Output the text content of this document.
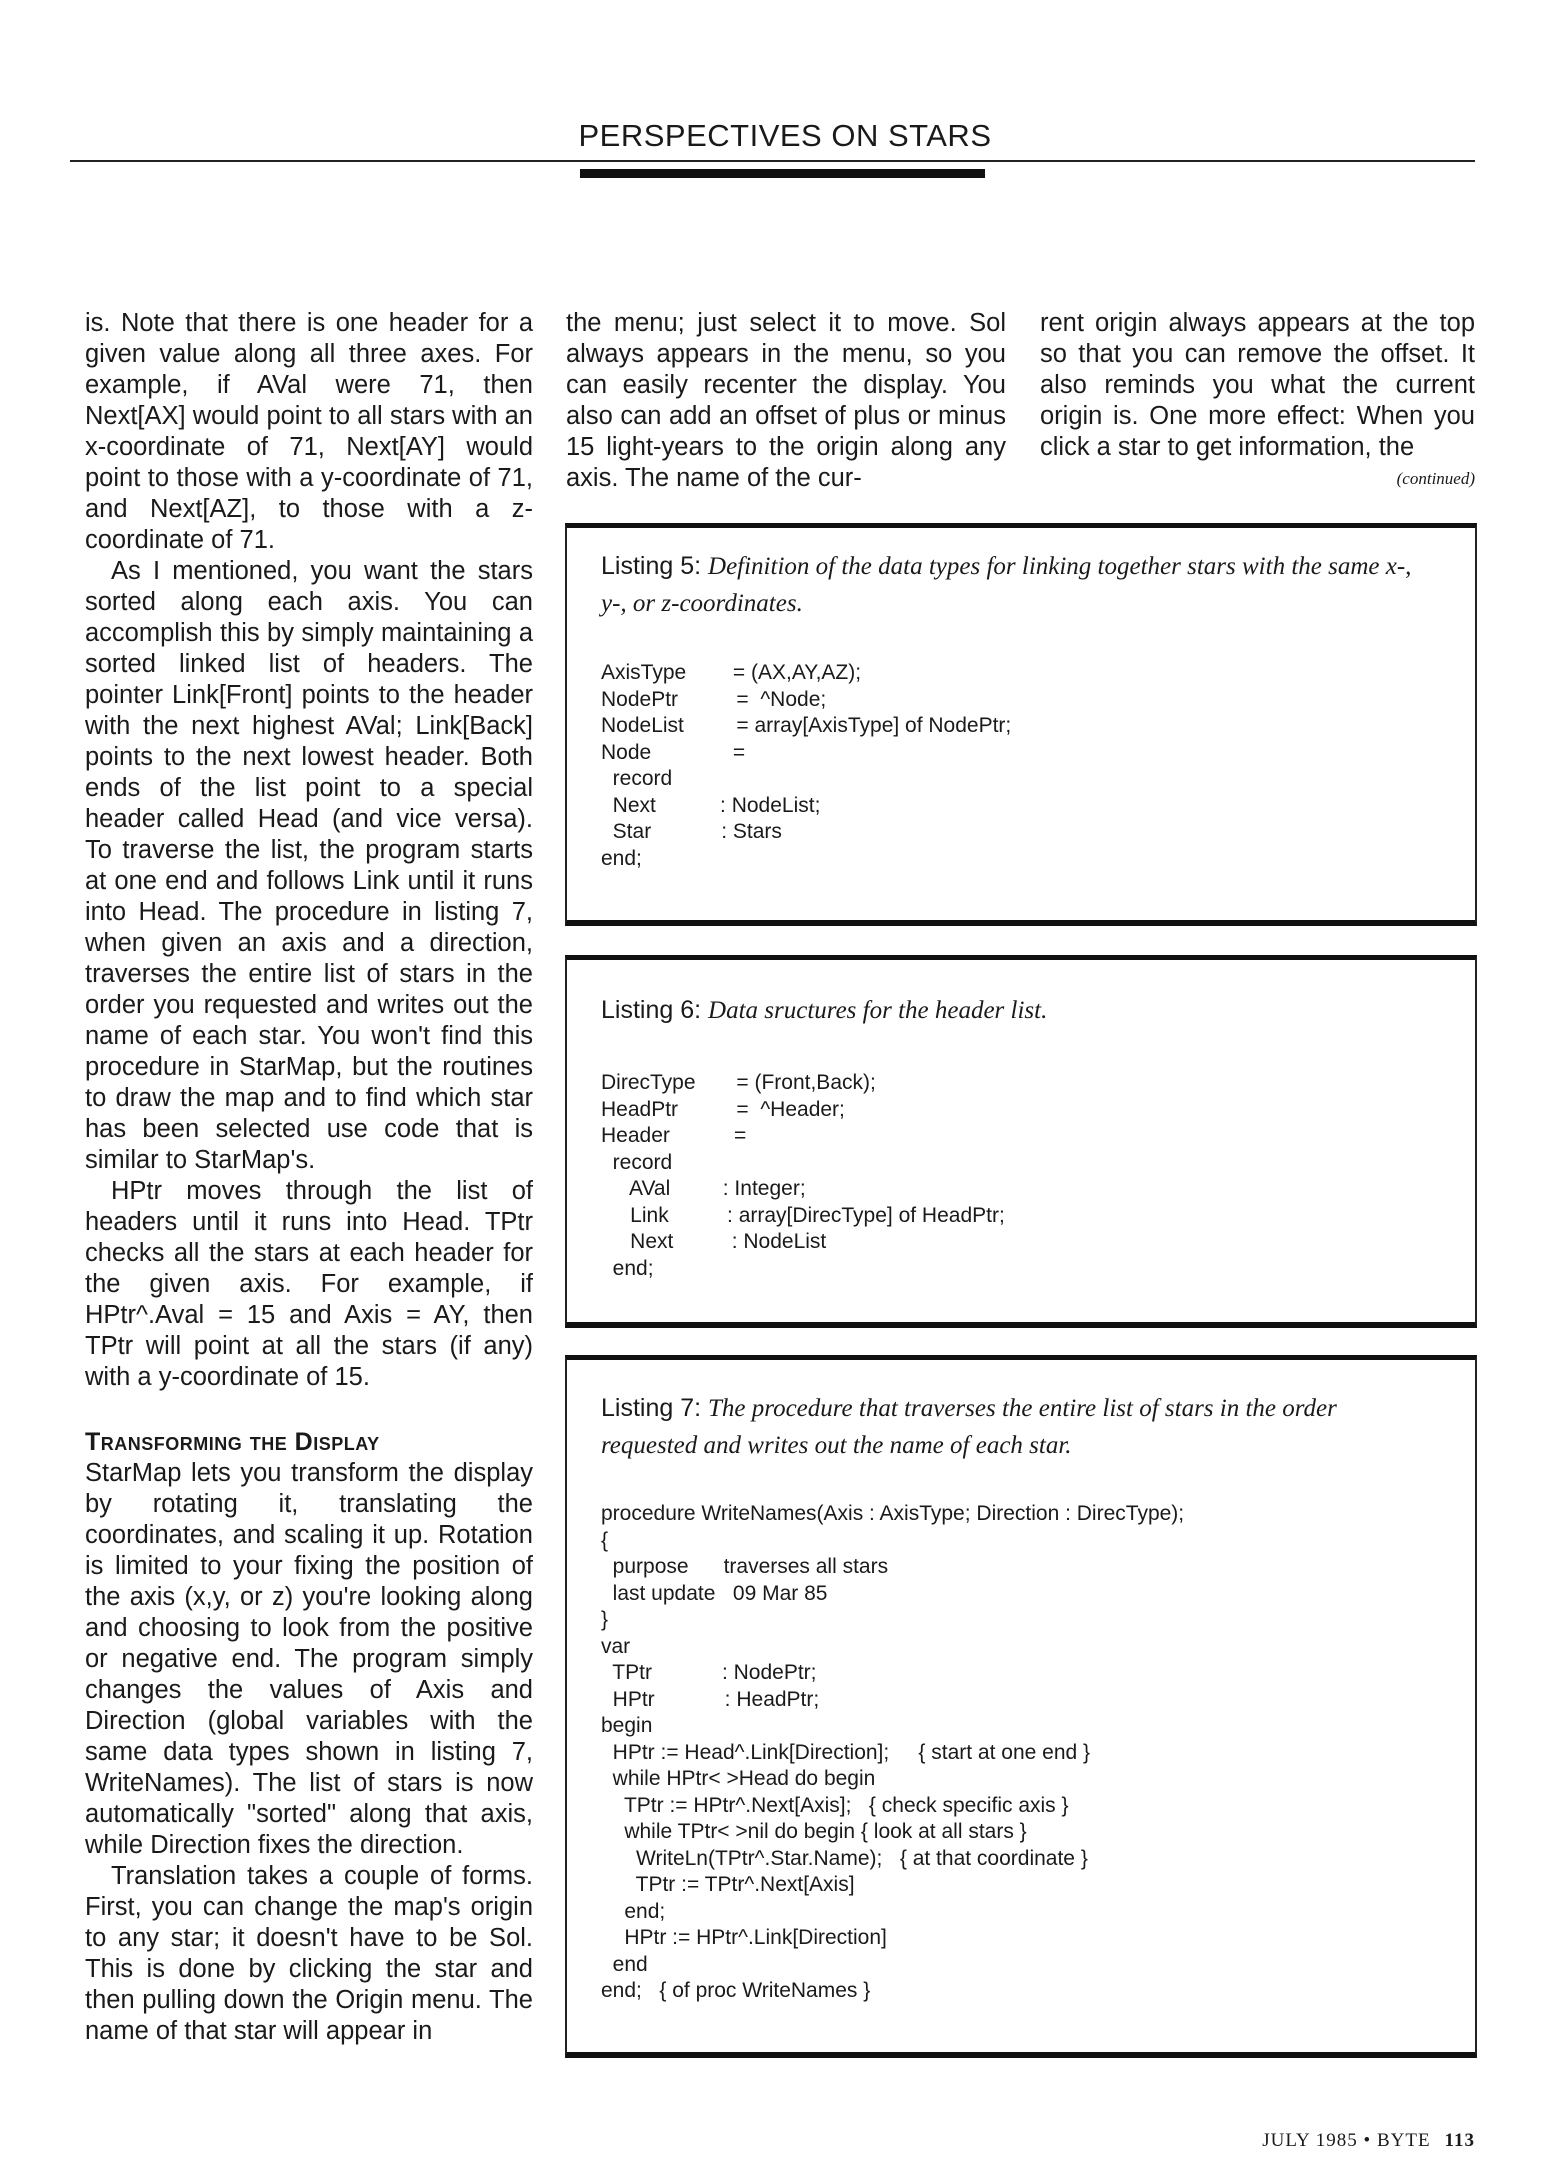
PERSPECTIVES ON STARS

is. Note that there is one header for a given value along all three axes. For example, if AVal were 71, then Next[AX] would point to all stars with an x-coordinate of 71, Next[AY] would point to those with a y-coordinate of 71, and Next[AZ], to those with a z-coordinate of 71.

As I mentioned, you want the stars sorted along each axis. You can accomplish this by simply maintaining a sorted linked list of headers. The pointer Link[Front] points to the header with the next highest AVal; Link[Back] points to the next lowest header. Both ends of the list point to a special header called Head (and vice versa). To traverse the list, the program starts at one end and follows Link until it runs into Head. The procedure in listing 7, when given an axis and a direction, traverses the entire list of stars in the order you requested and writes out the name of each star. You won't find this procedure in StarMap, but the routines to draw the map and to find which star has been selected use code that is similar to StarMap's.

HPtr moves through the list of headers until it runs into Head. TPtr checks all the stars at each header for the given axis. For example, if HPtr^.Aval = 15 and Axis = AY, then TPtr will point at all the stars (if any) with a y-coordinate of 15.

Transforming the Display

StarMap lets you transform the display by rotating it, translating the coordinates, and scaling it up. Rotation is limited to your fixing the position of the axis (x,y, or z) you're looking along and choosing to look from the positive or negative end. The program simply changes the values of Axis and Direction (global variables with the same data types shown in listing 7, WriteNames). The list of stars is now automatically "sorted" along that axis, while Direction fixes the direction.

Translation takes a couple of forms. First, you can change the map's origin to any star; it doesn't have to be Sol. This is done by clicking the star and then pulling down the Origin menu. The name of that star will appear in

the menu; just select it to move. Sol always appears in the menu, so you can easily recenter the display. You also can add an offset of plus or minus 15 light-years to the origin along any axis. The name of the cur-

rent origin always appears at the top so that you can remove the offset. It also reminds you what the current origin is. One more effect: When you click a star to get information, the

(continued)
Listing 5: Definition of the data types for linking together stars with the same x-, y-, or z-coordinates.
AxisType        = (AX,AY,AZ);
NodePtr          =  ^Node;
NodeList         = array[AxisType] of NodePtr;
Node              =
record
Next           : NodeList;
Star            : Stars
end;
Listing 6: Data sructures for the header list.
DirecType       = (Front,Back);
HeadPtr          =  ^Header;
Header           =
record
AVal         : Integer;
Link          : array[DirecType] of HeadPtr;
Next          : NodeList
end;
Listing 7: The procedure that traverses the entire list of stars in the order requested and writes out the name of each star.
procedure WriteNames(Axis : AxisType; Direction : DirecType);
{
purpose      traverses all stars
last update   09 Mar 85
}
var
TPtr            : NodePtr;
HPtr            : HeadPtr;
begin
HPtr := Head^.Link[Direction];     { start at one end }
while HPtr< >Head do begin
TPtr := HPtr^.Next[Axis];   { check specific axis }
while TPtr< >nil do begin { look at all stars }
WriteLn(TPtr^.Star.Name);   { at that coordinate }
TPtr := TPtr^.Next[Axis]
end;
HPtr := HPtr^.Link[Direction]
end
end;   { of proc WriteNames }
JULY 1985 • BYTE 113
